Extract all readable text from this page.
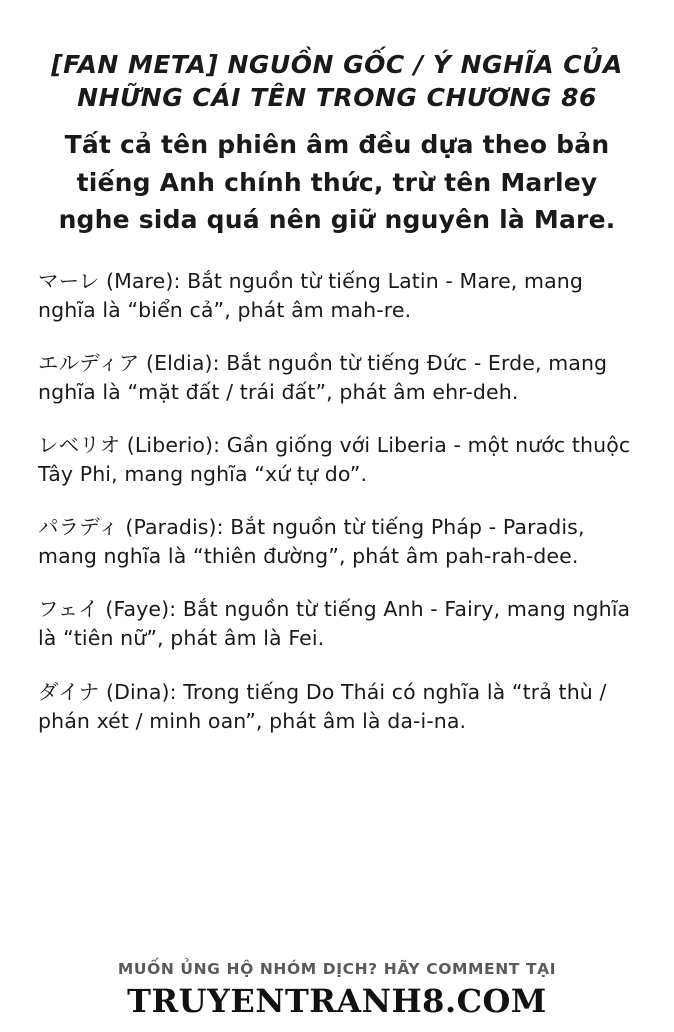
[FAN META] NGUỒN GỐC / Ý NGHĨA CỦA
NHỮNG CÁI TÊN TRONG CHƯƠNG 86
Tất cả tên phiên âm đều dựa theo bản
tiếng Anh chính thức, trừ tên Marley
nghe sida quá nên giữ nguyên là Mare.

マーレ (Mare): Bắt nguồn từ tiếng Latin - Mare, mang nghĩa là “biển cả”, phát âm mah-re.

エルディア (Eldia): Bắt nguồn từ tiếng Đức - Erde, mang nghĩa là “mặt đất / trái đất”, phát âm ehr-deh.

レベリオ (Liberio): Gần giống với Liberia - một nước thuộc Tây Phi, mang nghĩa “xứ tự do”.

パラディ (Paradis): Bắt nguồn từ tiếng Pháp - Paradis, mang nghĩa là “thiên đường”, phát âm pah-rah-dee.

フェイ (Faye): Bắt nguồn từ tiếng Anh - Fairy, mang nghĩa là “tiên nữ”, phát âm là Fei.

ダイナ (Dina): Trong tiếng Do Thái có nghĩa là “trả thù / phán xét / minh oan”, phát âm là da-i-na.

MUỐN ỦNG HỘ NHÓM DỊCH? HÃY COMMENT TẠI
TRUYENTRANH8.COM
